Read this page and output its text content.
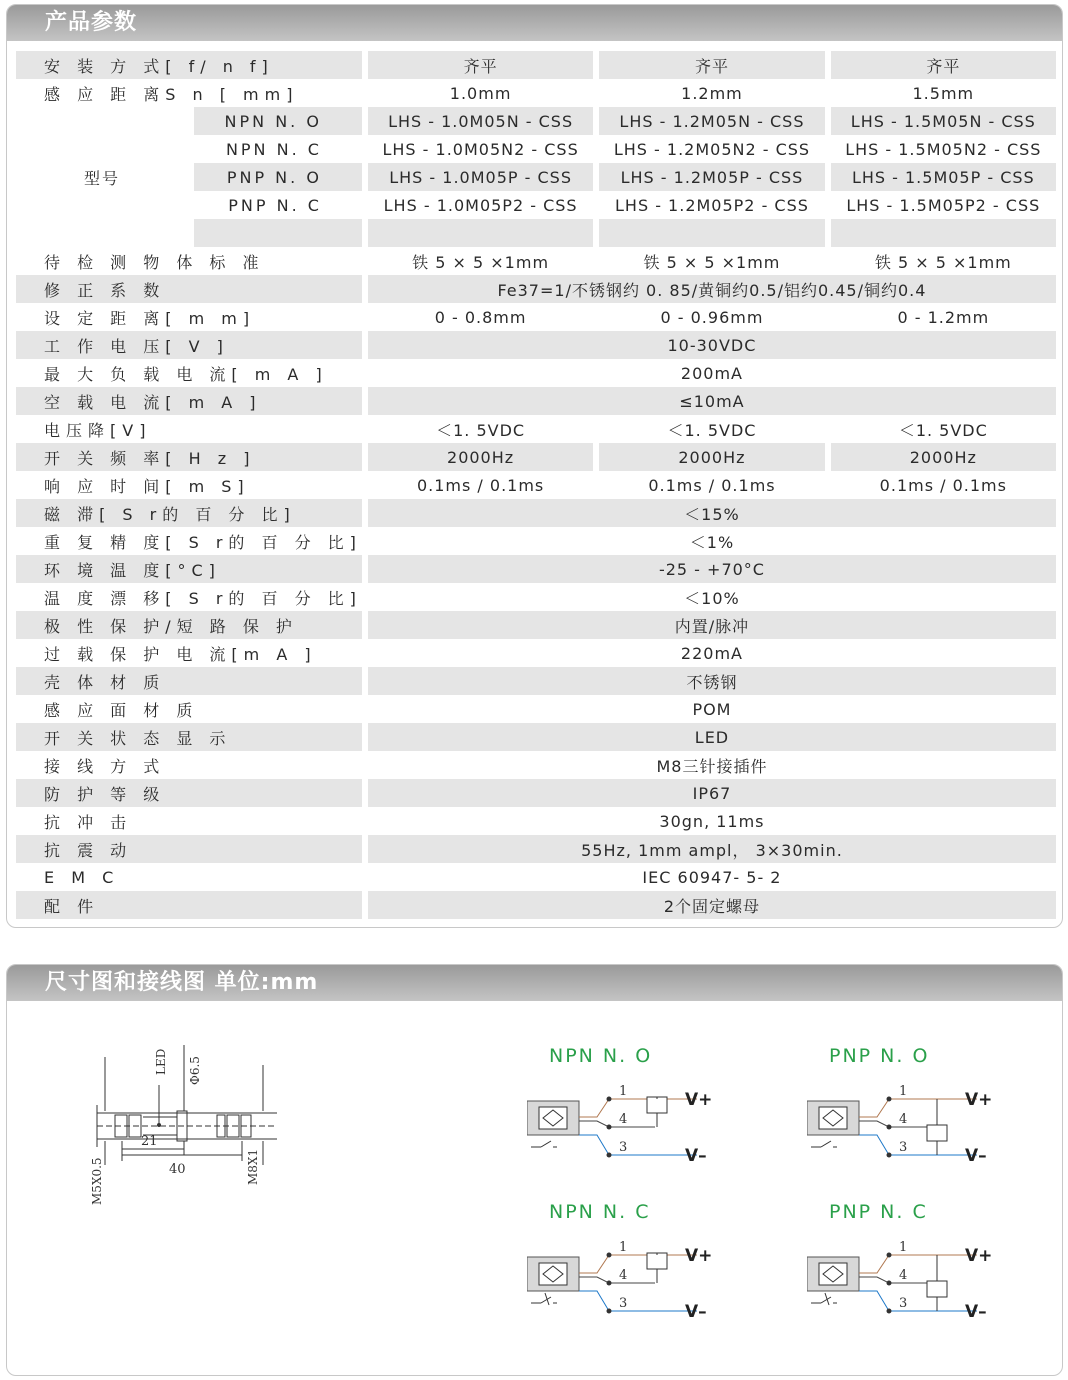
产品参数
安 装 方 式[ f/ n f]		齐平	齐平	齐平
感 应 距 离S n [ mm]		1.0mm	1.2mm	1.5mm
型号	NPN N. O	LHS - 1.0M05N - CSS	LHS - 1.2M05N - CSS	LHS - 1.5M05N - CSS
	NPN N. C	LHS - 1.0M05N2 - CSS	LHS - 1.2M05N2 - CSS	LHS - 1.5M05N2 - CSS
	PNP N. O	LHS - 1.0M05P - CSS	LHS - 1.2M05P - CSS	LHS - 1.5M05P - CSS
	PNP N. C	LHS - 1.0M05P2 - CSS	LHS - 1.2M05P2 - CSS	LHS - 1.5M05P2 - CSS

待 检 测 物 体 标 准		铁 5 × 5 ×1mm	铁 5 × 5 ×1mm	铁 5 × 5 ×1mm
修 正 系 数		Fe37=1/不锈钢约 0. 85/黄铜约0.5/铝约0.45/铜约0.4		
设 定 距 离[ m m]		0 - 0.8mm	0 - 0.96mm	0 - 1.2mm
工 作 电 压[ V ]		10-30VDC		
最 大 负 载 电 流[ m A ]		200mA		
空 载 电 流[ m A ]		≤10mA		
电压降[V]		＜1. 5VDC	＜1. 5VDC	＜1. 5VDC
开 关 频 率[ H z ]		2000Hz	2000Hz	2000Hz
响 应 时 间[ m S]		0.1ms / 0.1ms	0.1ms / 0.1ms	0.1ms / 0.1ms
磁 滞[ S r的 百 分 比]		＜15%		
重 复 精 度[ S r的 百 分 比]		＜1%		
环 境 温 度[°C]		-25 - +70°C		
温 度 漂 移[ S r的 百 分 比]		＜10%		
极 性 保 护/短 路 保 护		内置/脉冲		
过 载 保 护 电 流[m A ]		220mA		
壳 体 材 质		不锈钢		
感 应 面 材 质		POM		
开 关 状 态 显 示		LED		
接 线 方 式		M8三针接插件		
防 护 等 级		IP67		
抗 冲 击		30gn, 11ms		
抗 震 动		55Hz, 1mm ampl， 3×30min.		
E M C		IEC 60947- 5- 2		
配 件		2个固定螺母		
尺寸图和接线图 单位:mm
LED Φ6.5
M5X0.5	M8X1
21
40
NPN N. O
1
4
3
V+
V–
PNP N. O
1
4
3
V+
V–
NPN N. C
1
4
3
V+
V–
PNP N. C
1
4
3
V+
V–
